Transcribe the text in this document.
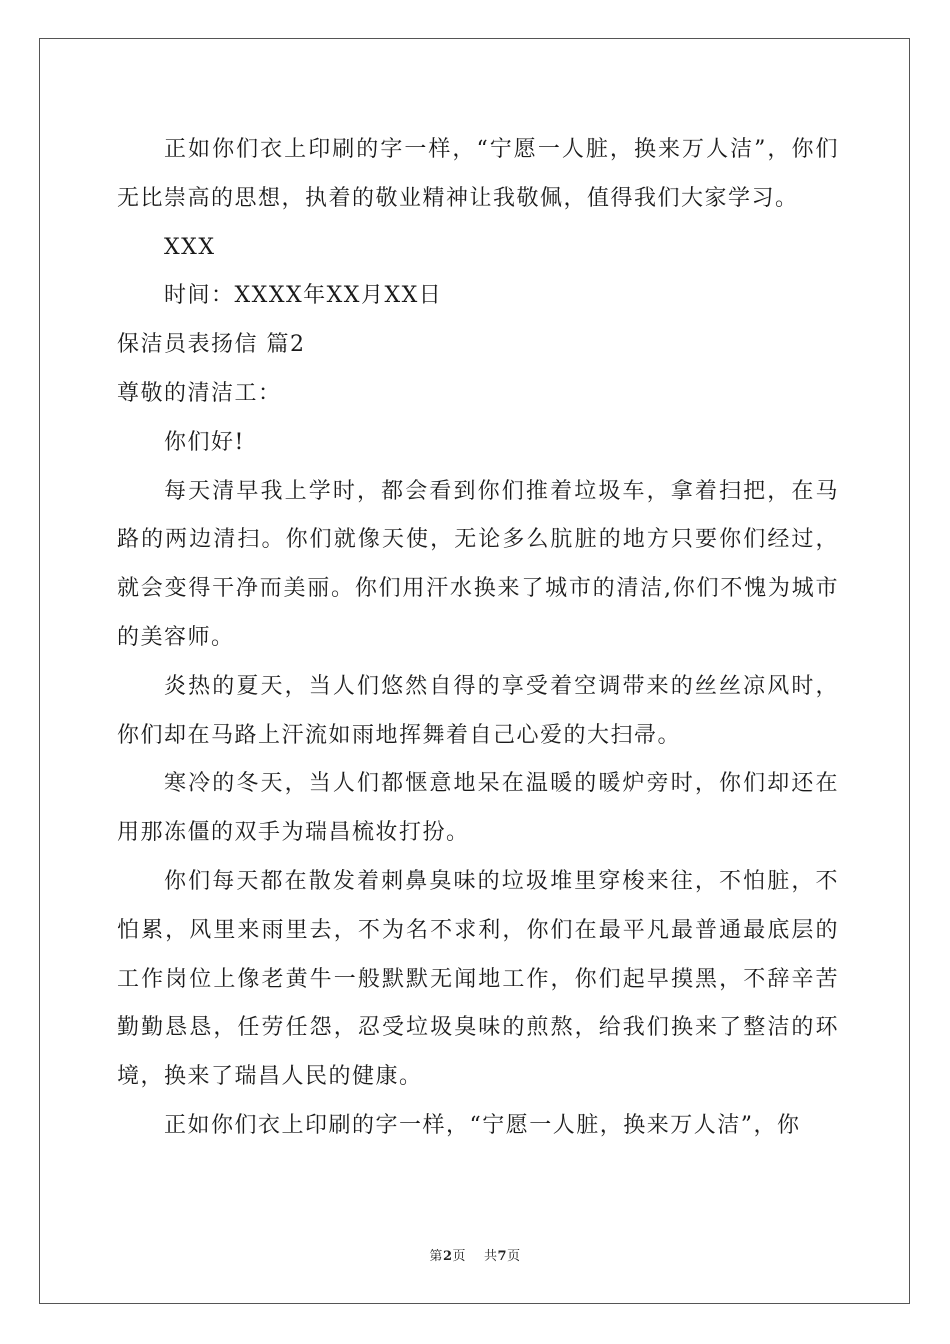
正如你们衣上印刷的字一样，“宁愿一人脏，换来万人洁”，你们无比崇高的思想，执着的敬业精神让我敬佩，值得我们大家学习。

XXX

时间：XXXX年XX月XX日

保洁员表扬信 篇2

尊敬的清洁工：

你们好!

每天清早我上学时，都会看到你们推着垃圾车，拿着扫把，在马路的两边清扫。你们就像天使，无论多么肮脏的地方只要你们经过，就会变得干净而美丽。你们用汗水换来了城市的清洁,你们不愧为城市的美容师。

炎热的夏天，当人们悠然自得的享受着空调带来的丝丝凉风时，你们却在马路上汗流如雨地挥舞着自己心爱的大扫帚。

寒冷的冬天，当人们都惬意地呆在温暖的暖炉旁时，你们却还在用那冻僵的双手为瑞昌梳妆打扮。

你们每天都在散发着刺鼻臭味的垃圾堆里穿梭来往，不怕脏，不怕累，风里来雨里去，不为名不求利，你们在最平凡最普通最底层的工作岗位上像老黄牛一般默默无闻地工作，你们起早摸黑，不辞辛苦勤勤恳恳，任劳任怨，忍受垃圾臭味的煎熬，给我们换来了整洁的环境，换来了瑞昌人民的健康。

正如你们衣上印刷的字一样，“宁愿一人脏，换来万人洁”，你

第2页 共7页
